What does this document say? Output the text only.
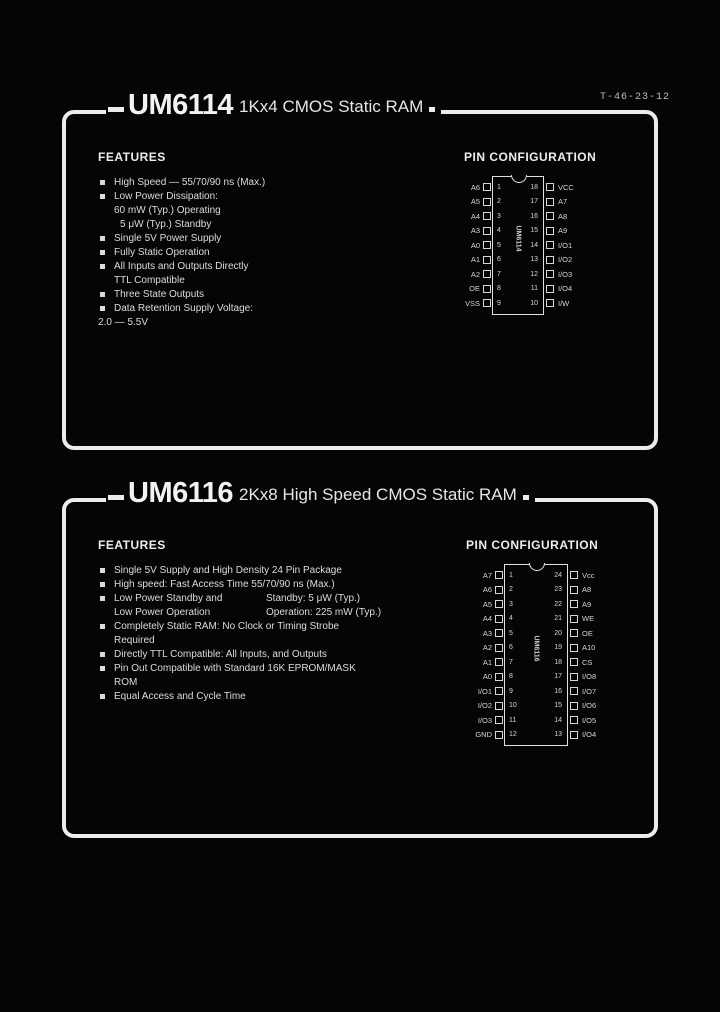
T-46-23-12
UM6114 1Kx4 CMOS Static RAM
FEATURES
High Speed — 55/70/90 ns (Max.)
Low Power Dissipation:
60 mW (Typ.) Operating
5 μW (Typ.) Standby
Single 5V Power Supply
Fully Static Operation
All Inputs and Outputs Directly
TTL Compatible
Three State Outputs
Data Retention Supply Voltage:
2.0 — 5.5V
PIN CONFIGURATION
UM6114
A6 1
A5 2
A4 3
A3 4
A0 5
A1 6
A2 7
OE 8
VSS 9
18	VCC
17	A7
16	A8
15	A9
14	I/O1
13	I/O2
12	I/O3
11	I/O4
10	I/W
UM6116 2Kx8 High Speed CMOS Static RAM
FEATURES
Single 5V Supply and High Density 24 Pin Package
High speed: Fast Access Time 55/70/90 ns (Max.)
Low Power Standby and	Standby: 5 μW (Typ.)
Low Power Operation	Operation: 225 mW (Typ.)
Completely Static RAM: No Clock or Timing Strobe
Required
Directly TTL Compatible: All Inputs, and Outputs
Pin Out Compatible with Standard 16K EPROM/MASK
ROM
Equal Access and Cycle Time
PIN CONFIGURATION
UM6116
A7 1
A6 2
A5 3
A4 4
A3 5
A2 6
A1 7
A0 8
I/O1 9
I/O2 10
I/O3 11
GND 12
24	Vcc
23	A8
22	A9
21	WE
20	OE
19	A10
18	CS
17	I/O8
16	I/O7
15	I/O6
14	I/O5
13	I/O4
